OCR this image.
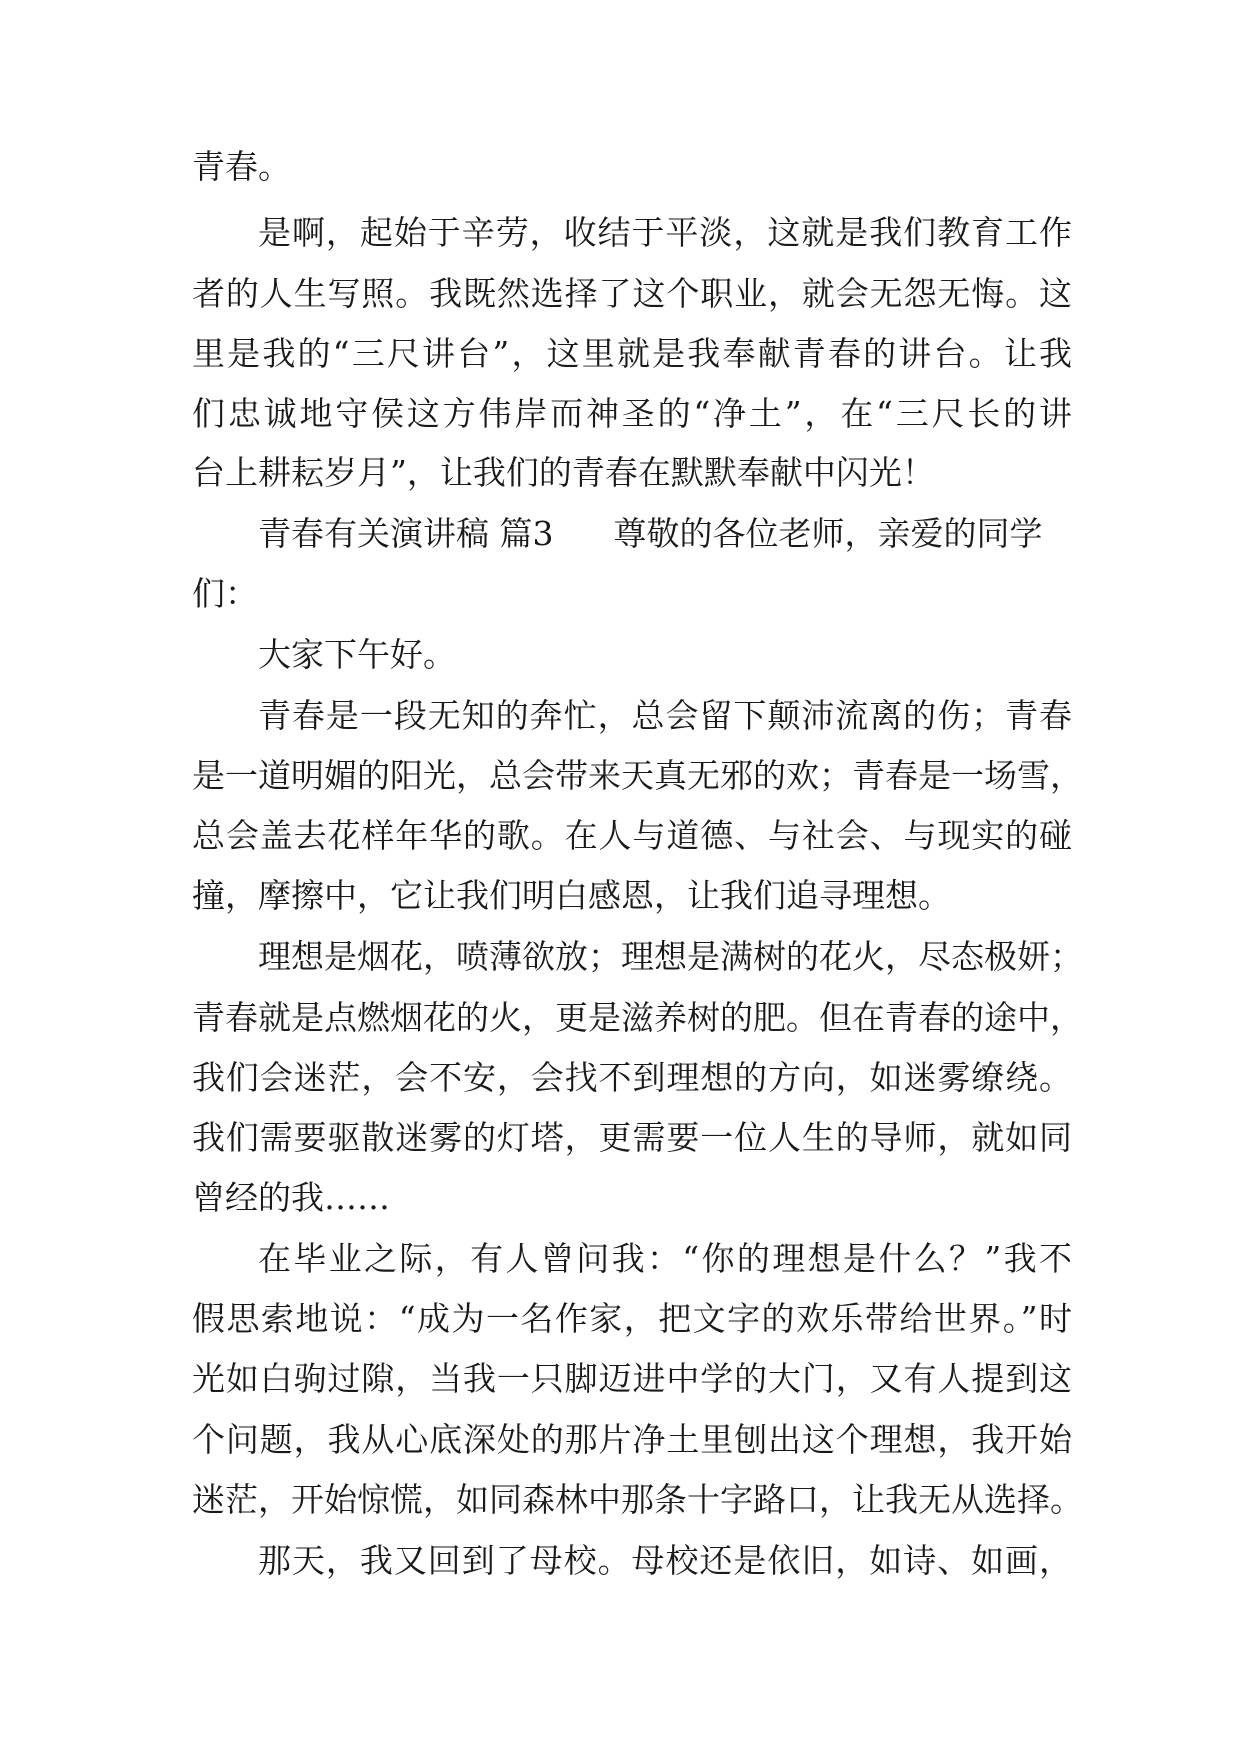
青春。
是啊，起始于辛劳，收结于平淡，这就是我们教育工作
者的人生写照。我既然选择了这个职业，就会无怨无悔。这
里是我的“三尺讲台”，这里就是我奉献青春的讲台。让我
们忠诚地守侯这方伟岸而神圣的“净土”，在“三尺长的讲
台上耕耘岁月”，让我们的青春在默默奉献中闪光！
青春有关演讲稿 篇3 尊敬的各位老师，亲爱的同学
们：
大家下午好。
青春是一段无知的奔忙，总会留下颠沛流离的伤；青春
是一道明媚的阳光，总会带来天真无邪的欢；青春是一场雪，
总会盖去花样年华的歌。在人与道德、与社会、与现实的碰
撞，摩擦中，它让我们明白感恩，让我们追寻理想。
理想是烟花，喷薄欲放；理想是满树的花火，尽态极妍；
青春就是点燃烟花的火，更是滋养树的肥。但在青春的途中，
我们会迷茫，会不安，会找不到理想的方向，如迷雾缭绕。
我们需要驱散迷雾的灯塔，更需要一位人生的导师，就如同
曾经的我……
在毕业之际，有人曾问我：“你的理想是什么？”我不
假思索地说：“成为一名作家，把文字的欢乐带给世界。”时
光如白驹过隙，当我一只脚迈进中学的大门，又有人提到这
个问题，我从心底深处的那片净土里刨出这个理想，我开始
迷茫，开始惊慌，如同森林中那条十字路口，让我无从选择。
那天，我又回到了母校。母校还是依旧，如诗、如画，
